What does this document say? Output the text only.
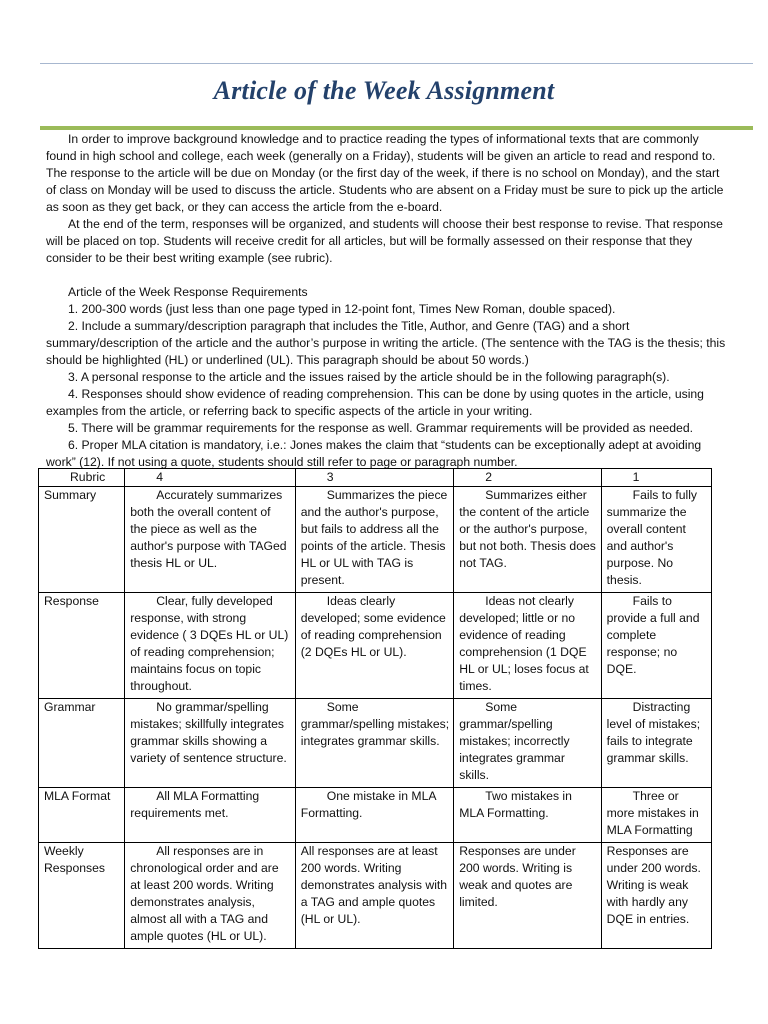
Article of the Week Assignment

In order to improve background knowledge and to practice reading the types of informational texts that are commonly found in high school and college, each week (generally on a Friday), students will be given an article to read and respond to. The response to the article will be due on Monday (or the first day of the week, if there is no school on Monday), and the start of class on Monday will be used to discuss the article. Students who are absent on a Friday must be sure to pick up the article as soon as they get back, or they can access the article from the e-board.

At the end of the term, responses will be organized, and students will choose their best response to revise. That response will be placed on top. Students will receive credit for all articles, but will be formally assessed on their response that they consider to be their best writing example (see rubric).

Article of the Week Response Requirements

1. 200-300 words (just less than one page typed in 12-point font, Times New Roman, double spaced).

2. Include a summary/description paragraph that includes the Title, Author, and Genre (TAG) and a short summary/description of the article and the author’s purpose in writing the article. (The sentence with the TAG is the thesis; this should be highlighted (HL) or underlined (UL). This paragraph should be about 50 words.)

3. A personal response to the article and the issues raised by the article should be in the following paragraph(s).

4. Responses should show evidence of reading comprehension. This can be done by using quotes in the article, using examples from the article, or referring back to specific aspects of the article in your writing.

5. There will be grammar requirements for the response as well. Grammar requirements will be provided as needed.

6. Proper MLA citation is mandatory, i.e.: Jones makes the claim that “students can be exceptionally adept at avoiding work” (12). If not using a quote, students should still refer to page or paragraph number.

Rubric	4	3	2	1
Summary	Accurately summarizes both the overall content of the piece as well as the author's purpose with TAGed thesis HL or UL.	Summarizes the piece and the author's purpose, but fails to address all the points of the article. Thesis HL or UL with TAG is present.	Summarizes either the content of the article or the author's purpose, but not both. Thesis does not TAG.	Fails to fully summarize the overall content and author's purpose. No thesis.
Response	Clear, fully developed response, with strong evidence ( 3 DQEs HL or UL) of reading comprehension; maintains focus on topic throughout.	Ideas clearly developed; some evidence of reading comprehension (2 DQEs HL or UL).	Ideas not clearly developed; little or no evidence of reading comprehension (1 DQE HL or UL; loses focus at times.	Fails to provide a full and complete response; no DQE.
Grammar	No grammar/spelling mistakes; skillfully integrates grammar skills showing a variety of sentence structure.	Some grammar/spelling mistakes; integrates grammar skills.	Some grammar/spelling mistakes; incorrectly integrates grammar skills.	Distracting level of mistakes; fails to integrate grammar skills.
MLA Format	All MLA Formatting requirements met.	One mistake in MLA Formatting.	Two mistakes in MLA Formatting.	Three or more mistakes in MLA Formatting
Weekly Responses	All responses are in chronological order and are at least 200 words. Writing demonstrates analysis, almost all with a TAG and ample quotes (HL or UL).	All responses are at least 200 words. Writing demonstrates analysis with a TAG and ample quotes (HL or UL).	Responses are under 200 words. Writing is weak and quotes are limited.	Responses are under 200 words. Writing is weak with hardly any DQE in entries.
